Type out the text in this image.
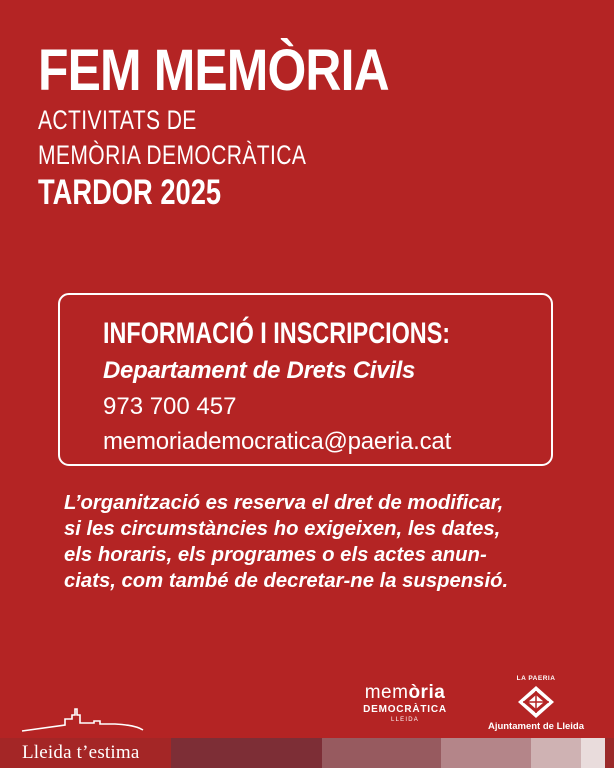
FEM MEMÒRIA
ACTIVITATS DE
MEMÒRIA DEMOCRÀTICA
TARDOR 2025
INFORMACIÓ I INSCRIPCIONS:
Departament de Drets Civils
973 700 457
memoriademocratica@paeria.cat
L’organització es reserva el dret de modificar,
si les circumstàncies ho exigeixen, les dates,
els horaris, els programes o els actes anun-
ciats, com també de decretar-ne la suspensió.
Lleida t’estima
memòria
DEMOCRÀTICA
LLEIDA
LA PAERIA
Ajuntament de Lleida
